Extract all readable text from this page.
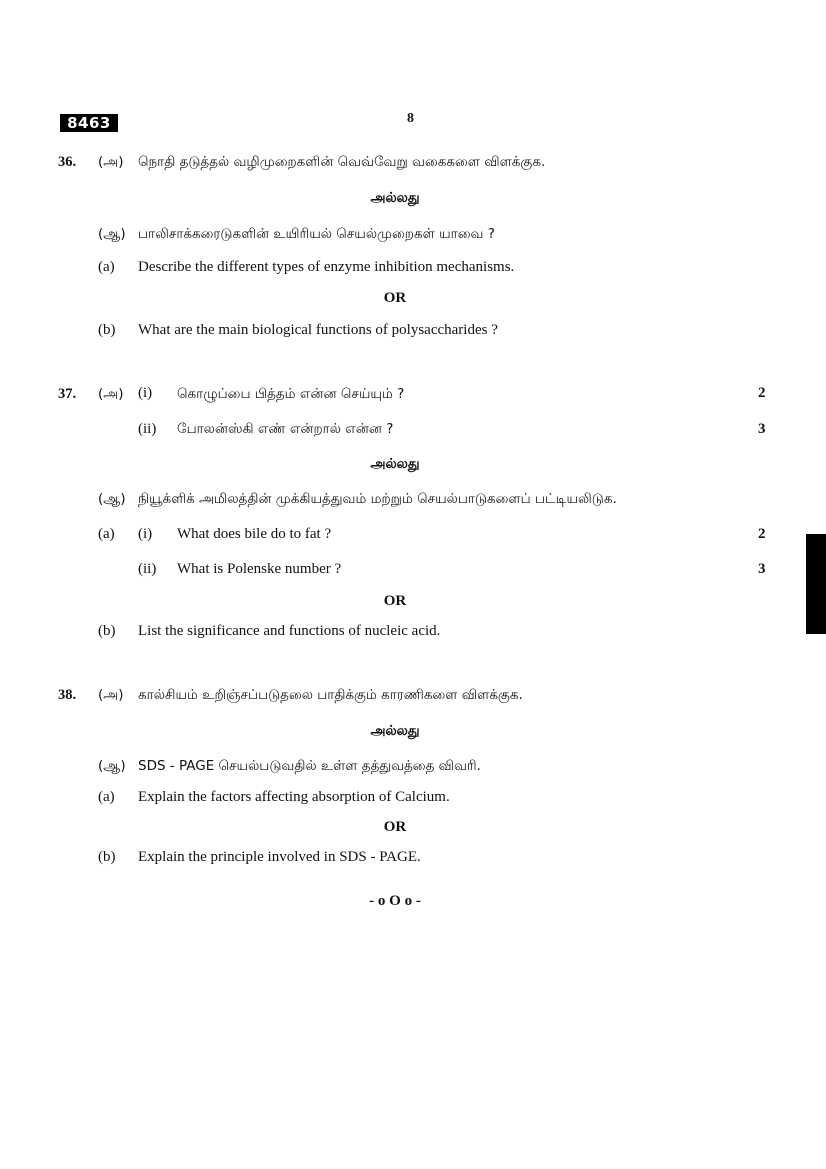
8463	8
36. (அ) நொதி தடுத்தல் வழிமுறைகளின் வெவ்வேறு வகைகளை விளக்குக.
அல்லது
(ஆ) பாலிசாக்கரைடுகளின் உயிரியல் செயல்முறைகள் யாவை ?
(a) Describe the different types of enzyme inhibition mechanisms.
OR
(b) What are the main biological functions of polysaccharides ?
37. (அ) (i) கொழுப்பை பித்தம் என்ன செய்யும் ?	2
(ii) போலன்ஸ்கி எண் என்றால் என்ன ?	3
அல்லது
(ஆ) நியூக்ளிக் அமிலத்தின் முக்கியத்துவம் மற்றும் செயல்பாடுகளைப் பட்டியலிடுக.
(a) (i) What does bile do to fat ?	2
(ii) What is Polenske number ?	3
OR
(b) List the significance and functions of nucleic acid.
38. (அ) கால்சியம் உறிஞ்சப்படுதலை பாதிக்கும் காரணிகளை விளக்குக.
அல்லது
(ஆ) SDS - PAGE செயல்படுவதில் உள்ள தத்துவத்தை விவரி.
(a) Explain the factors affecting absorption of Calcium.
OR
(b) Explain the principle involved in SDS - PAGE.
- o O o -
